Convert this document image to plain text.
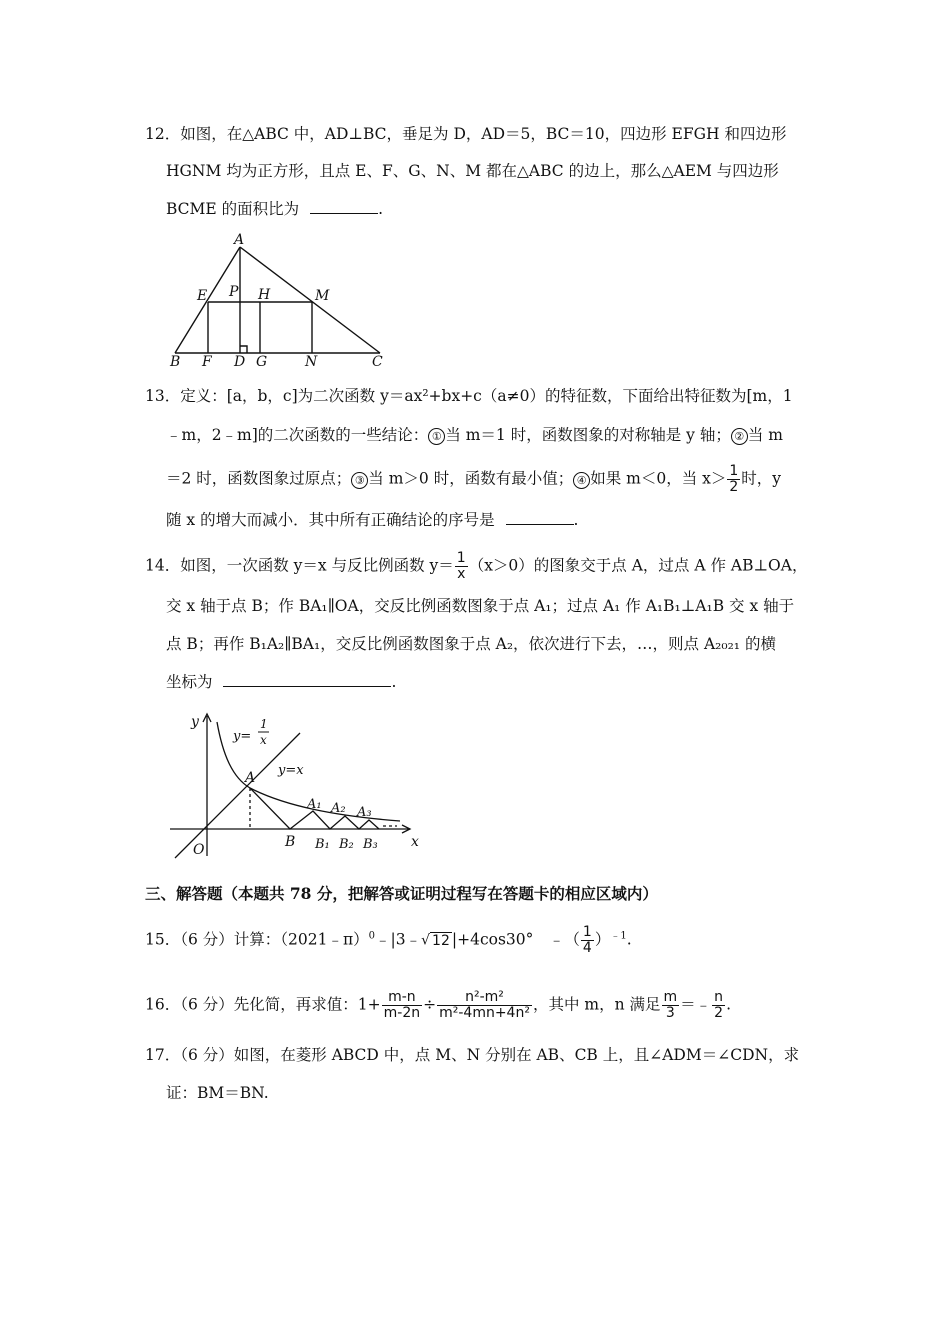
12．如图，在△ABC 中，AD⊥BC，垂足为 D，AD＝5，BC＝10，四边形 EFGH 和四边形
HGNM 均为正方形，且点 E、F、G、N、M 都在△ABC 的边上，那么△AEM 与四边形
BCME 的面积比为	.
A
E P H	M
B F D G	N	C
13．定义：[a，b，c]为二次函数 y＝ax²+bx+c（a≠0）的特征数，下面给出特征数为[m，1
﹣m，2﹣m]的二次函数的一些结论： ① 当 m＝1 时，函数图象的对称轴是 y 轴； ② 当 m
＝2 时，函数图象过原点； ③ 当 m＞0 时，函数有最小值； ④ 如果 m＜0，当 $x> \frac{1}{2}$ 时，y
随 x 的增大而减小．其中所有正确结论的序号是	.
14．如图，一次函数 y＝x 与反比例函数 $y= \frac{1}{x} (x>0)$的图象交于点 A，过点 A 作 AB⊥OA，
交 x 轴于点 B；作 BA₁∥OA，交反比例函数图象于点 A₁；过点 A₁ 作 A₁B₁⊥A₁B 交 x 轴于
点 B；再作 B₁A₂∥BA₁，交反比例函数图象于点 A₂，依次进行下去，…，则点 A₂₀₂₁ 的横
坐标为	.
y
x
O
y=
1
x
y=x
A
B
A₁ A₂ A₃
B₁ B₂ B₃
三、解答题（本题共 78 分，把解答或证明过程写在答题卡的相应区域内）
15．（6 分）计算：（2021﹣π）$^0$﹣|3﹣√ 12 |+4cos30°　﹣（ $\frac{1}{4} )^{﹣1}$.
16．（6 分）先化简，再求值：$1+ \frac{m-n}{m-2n} \div \frac{\text{n²-m²}}{\text{m²-4mn+4n²}}$ ，其中 m，n 满足 $\frac{m}{3}$ ＝﹣ $\frac{n}{2}$ .
17．（6 分）如图，在菱形 ABCD 中，点 M、N 分别在 AB、CB 上，且∠ADM＝∠CDN，求
证：BM＝BN.
